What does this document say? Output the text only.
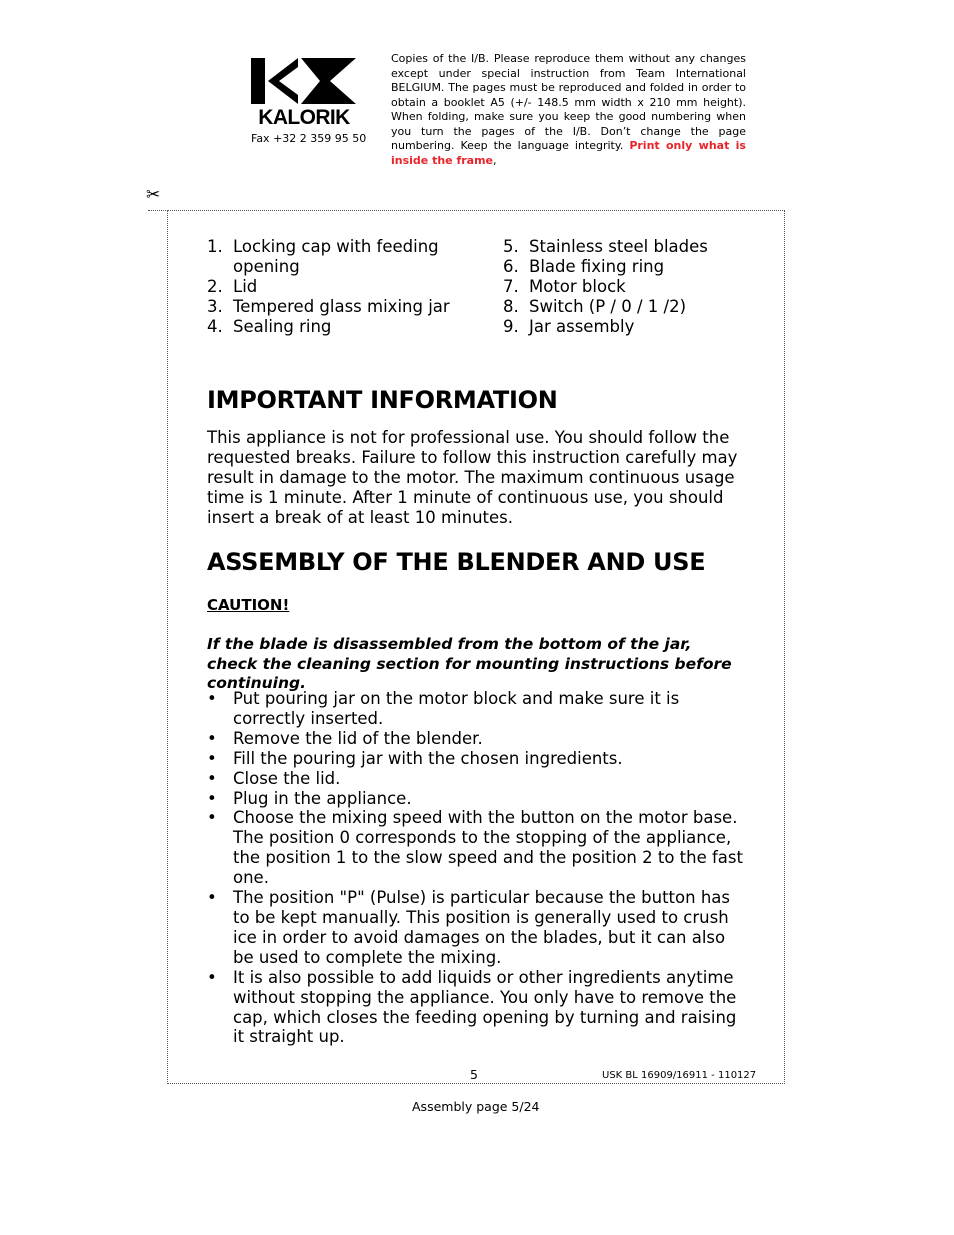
KALORIK
Fax +32 2 359 95 50
Copies of the I/B. Please reproduce them without any changes except under special instruction from Team International BELGIUM. The pages must be reproduced and folded in order to obtain a booklet A5 (+/- 148.5 mm width x 210 mm height). When folding, make sure you keep the good numbering when you turn the pages of the I/B. Don’t change the page numbering. Keep the language integrity. Print only what is inside the frame,
✂
1. Locking cap with feeding opening
2. Lid
3. Tempered glass mixing jar
4. Sealing ring
5. Stainless steel blades
6. Blade fixing ring
7. Motor block
8. Switch (P / 0 / 1 /2)
9. Jar assembly
IMPORTANT INFORMATION
This appliance is not for professional use. You should follow the requested breaks. Failure to follow this instruction carefully may result in damage to the motor. The maximum continuous usage time is 1 minute. After 1 minute of continuous use, you should insert a break of at least 10 minutes.
ASSEMBLY OF THE BLENDER AND USE
CAUTION!
If the blade is disassembled from the bottom of the jar, check the cleaning section for mounting instructions before continuing.
• Put pouring jar on the motor block and make sure it is correctly inserted.
• Remove the lid of the blender.
• Fill the pouring jar with the chosen ingredients.
• Close the lid.
• Plug in the appliance.
• Choose the mixing speed with the button on the motor base. The position 0 corresponds to the stopping of the appliance, the position 1 to the slow speed and the position 2 to the fast one.
• The position "P" (Pulse) is particular because the button has to be kept manually. This position is generally used to crush ice in order to avoid damages on the blades, but it can also be used to complete the mixing.
• It is also possible to add liquids or other ingredients anytime without stopping the appliance. You only have to remove the cap, which closes the feeding opening by turning and raising it straight up.
5	USK BL 16909/16911 - 110127
Assembly page 5/24
